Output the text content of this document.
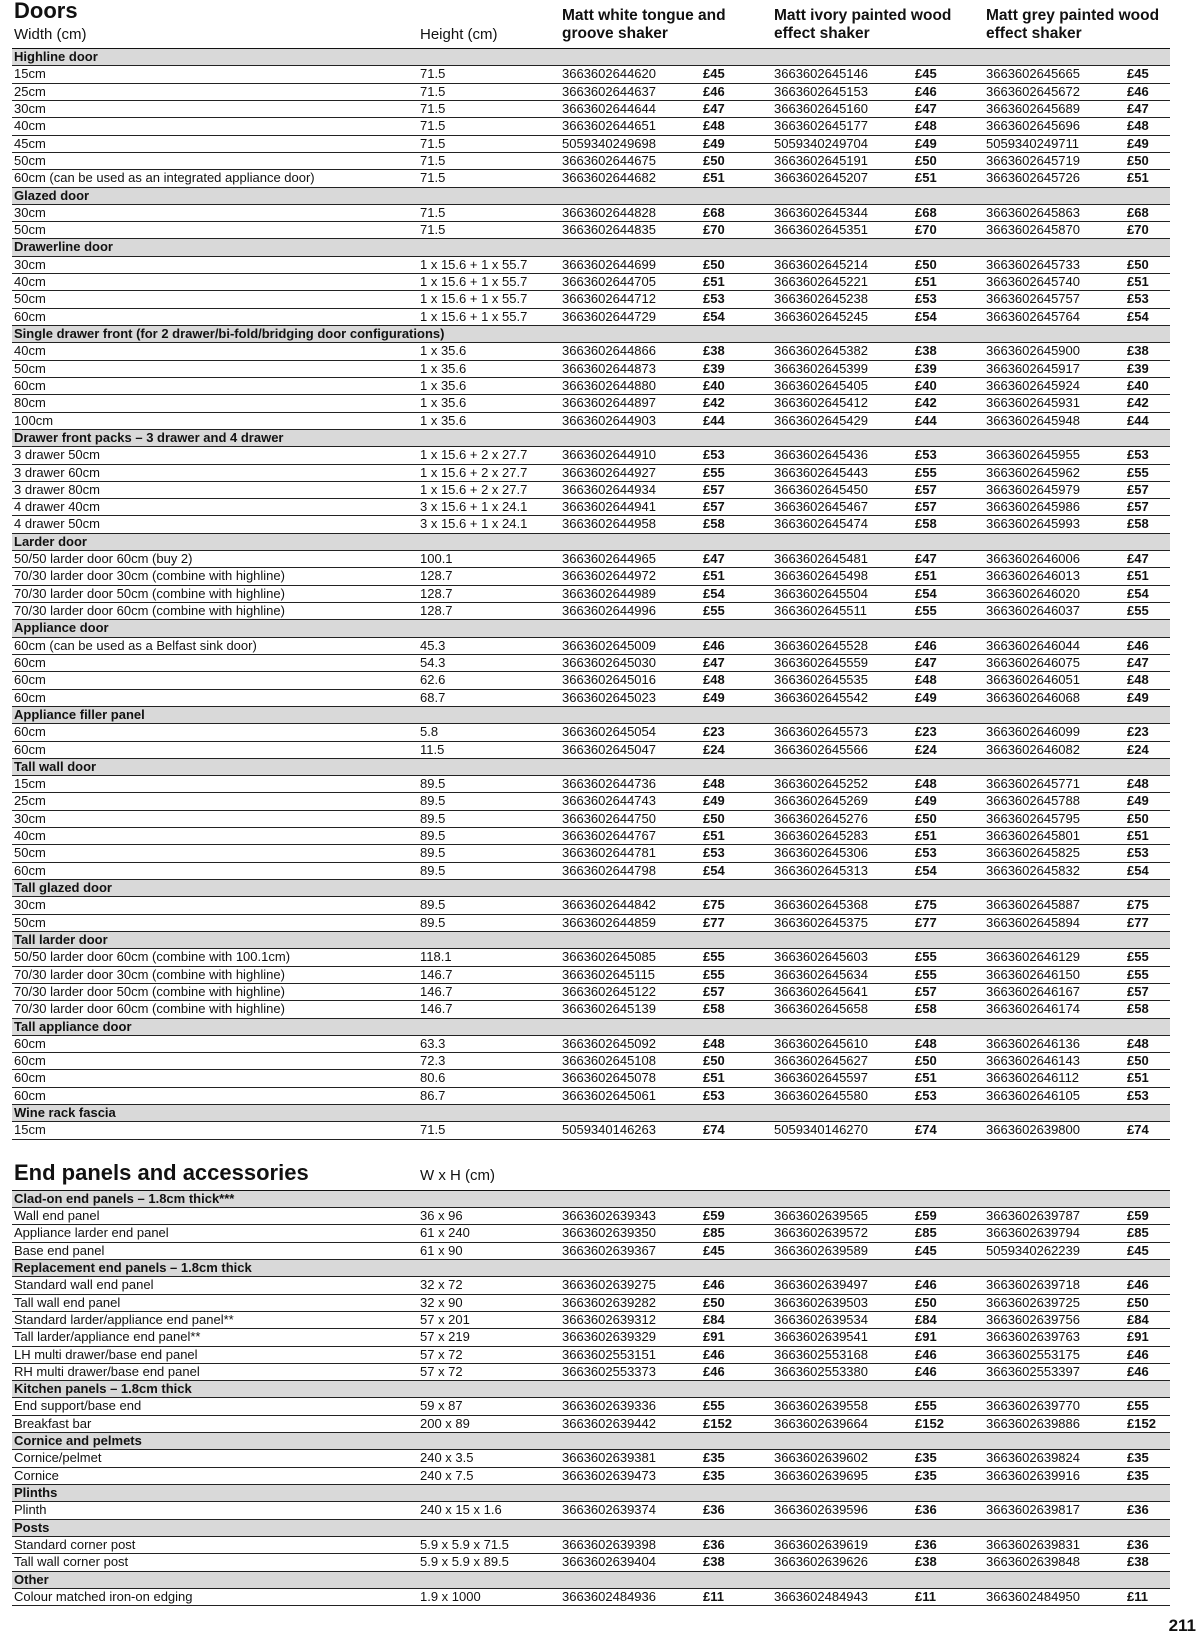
Doors
Width (cm)	Height (cm)
Matt white tongue and groove shaker
Matt ivory painted wood effect shaker
Matt grey painted wood effect shaker
Highline door
15cm	71.5	3663602644620	£45	3663602645146	£45	3663602645665	£45
25cm	71.5	3663602644637	£46	3663602645153	£46	3663602645672	£46
30cm	71.5	3663602644644	£47	3663602645160	£47	3663602645689	£47
40cm	71.5	3663602644651	£48	3663602645177	£48	3663602645696	£48
45cm	71.5	5059340249698	£49	5059340249704	£49	5059340249711	£49
50cm	71.5	3663602644675	£50	3663602645191	£50	3663602645719	£50
60cm (can be used as an integrated appliance door)	71.5	3663602644682	£51	3663602645207	£51	3663602645726	£51
Glazed door
30cm	71.5	3663602644828	£68	3663602645344	£68	3663602645863	£68
50cm	71.5	3663602644835	£70	3663602645351	£70	3663602645870	£70
Drawerline door
30cm	1 x 15.6 + 1 x 55.7	3663602644699	£50	3663602645214	£50	3663602645733	£50
40cm	1 x 15.6 + 1 x 55.7	3663602644705	£51	3663602645221	£51	3663602645740	£51
50cm	1 x 15.6 + 1 x 55.7	3663602644712	£53	3663602645238	£53	3663602645757	£53
60cm	1 x 15.6 + 1 x 55.7	3663602644729	£54	3663602645245	£54	3663602645764	£54
Single drawer front (for 2 drawer/bi-fold/bridging door configurations)
40cm	1 x 35.6	3663602644866	£38	3663602645382	£38	3663602645900	£38
50cm	1 x 35.6	3663602644873	£39	3663602645399	£39	3663602645917	£39
60cm	1 x 35.6	3663602644880	£40	3663602645405	£40	3663602645924	£40
80cm	1 x 35.6	3663602644897	£42	3663602645412	£42	3663602645931	£42
100cm	1 x 35.6	3663602644903	£44	3663602645429	£44	3663602645948	£44
Drawer front packs – 3 drawer and 4 drawer
3 drawer 50cm	1 x 15.6 + 2 x 27.7	3663602644910	£53	3663602645436	£53	3663602645955	£53
3 drawer 60cm	1 x 15.6 + 2 x 27.7	3663602644927	£55	3663602645443	£55	3663602645962	£55
3 drawer 80cm	1 x 15.6 + 2 x 27.7	3663602644934	£57	3663602645450	£57	3663602645979	£57
4 drawer 40cm	3 x 15.6 + 1 x 24.1	3663602644941	£57	3663602645467	£57	3663602645986	£57
4 drawer 50cm	3 x 15.6 + 1 x 24.1	3663602644958	£58	3663602645474	£58	3663602645993	£58
Larder door
50/50 larder door 60cm (buy 2)	100.1	3663602644965	£47	3663602645481	£47	3663602646006	£47
70/30 larder door 30cm (combine with highline)	128.7	3663602644972	£51	3663602645498	£51	3663602646013	£51
70/30 larder door 50cm (combine with highline)	128.7	3663602644989	£54	3663602645504	£54	3663602646020	£54
70/30 larder door 60cm (combine with highline)	128.7	3663602644996	£55	3663602645511	£55	3663602646037	£55
Appliance door
60cm (can be used as a Belfast sink door)	45.3	3663602645009	£46	3663602645528	£46	3663602646044	£46
60cm	54.3	3663602645030	£47	3663602645559	£47	3663602646075	£47
60cm	62.6	3663602645016	£48	3663602645535	£48	3663602646051	£48
60cm	68.7	3663602645023	£49	3663602645542	£49	3663602646068	£49
Appliance filler panel
60cm	5.8	3663602645054	£23	3663602645573	£23	3663602646099	£23
60cm	11.5	3663602645047	£24	3663602645566	£24	3663602646082	£24
Tall wall door
15cm	89.5	3663602644736	£48	3663602645252	£48	3663602645771	£48
25cm	89.5	3663602644743	£49	3663602645269	£49	3663602645788	£49
30cm	89.5	3663602644750	£50	3663602645276	£50	3663602645795	£50
40cm	89.5	3663602644767	£51	3663602645283	£51	3663602645801	£51
50cm	89.5	3663602644781	£53	3663602645306	£53	3663602645825	£53
60cm	89.5	3663602644798	£54	3663602645313	£54	3663602645832	£54
Tall glazed door
30cm	89.5	3663602644842	£75	3663602645368	£75	3663602645887	£75
50cm	89.5	3663602644859	£77	3663602645375	£77	3663602645894	£77
Tall larder door
50/50 larder door 60cm (combine with 100.1cm)	118.1	3663602645085	£55	3663602645603	£55	3663602646129	£55
70/30 larder door 30cm (combine with highline)	146.7	3663602645115	£55	3663602645634	£55	3663602646150	£55
70/30 larder door 50cm (combine with highline)	146.7	3663602645122	£57	3663602645641	£57	3663602646167	£57
70/30 larder door 60cm (combine with highline)	146.7	3663602645139	£58	3663602645658	£58	3663602646174	£58
Tall appliance door
60cm	63.3	3663602645092	£48	3663602645610	£48	3663602646136	£48
60cm	72.3	3663602645108	£50	3663602645627	£50	3663602646143	£50
60cm	80.6	3663602645078	£51	3663602645597	£51	3663602646112	£51
60cm	86.7	3663602645061	£53	3663602645580	£53	3663602646105	£53
Wine rack fascia
15cm	71.5	5059340146263	£74	5059340146270	£74	3663602639800	£74
End panels and accessories	W x H (cm)
Clad-on end panels – 1.8cm thick***
Wall end panel	36 x 96	3663602639343	£59	3663602639565	£59	3663602639787	£59
Appliance larder end panel	61 x 240	3663602639350	£85	3663602639572	£85	3663602639794	£85
Base end panel	61 x 90	3663602639367	£45	3663602639589	£45	5059340262239	£45
Replacement end panels – 1.8cm thick
Standard wall end panel	32 x 72	3663602639275	£46	3663602639497	£46	3663602639718	£46
Tall wall end panel	32 x 90	3663602639282	£50	3663602639503	£50	3663602639725	£50
Standard larder/appliance end panel**	57 x 201	3663602639312	£84	3663602639534	£84	3663602639756	£84
Tall larder/appliance end panel**	57 x 219	3663602639329	£91	3663602639541	£91	3663602639763	£91
LH multi drawer/base end panel	57 x 72	3663602553151	£46	3663602553168	£46	3663602553175	£46
RH multi drawer/base end panel	57 x 72	3663602553373	£46	3663602553380	£46	3663602553397	£46
Kitchen panels – 1.8cm thick
End support/base end	59 x 87	3663602639336	£55	3663602639558	£55	3663602639770	£55
Breakfast bar	200 x 89	3663602639442	£152	3663602639664	£152	3663602639886	£152
Cornice and pelmets
Cornice/pelmet	240 x 3.5	3663602639381	£35	3663602639602	£35	3663602639824	£35
Cornice	240 x 7.5	3663602639473	£35	3663602639695	£35	3663602639916	£35
Plinths
Plinth	240 x 15 x 1.6	3663602639374	£36	3663602639596	£36	3663602639817	£36
Posts
Standard corner post	5.9 x 5.9 x 71.5	3663602639398	£36	3663602639619	£36	3663602639831	£36
Tall wall corner post	5.9 x 5.9 x 89.5	3663602639404	£38	3663602639626	£38	3663602639848	£38
Other
Colour matched iron-on edging	1.9 x 1000	3663602484936	£11	3663602484943	£11	3663602484950	£11
211
